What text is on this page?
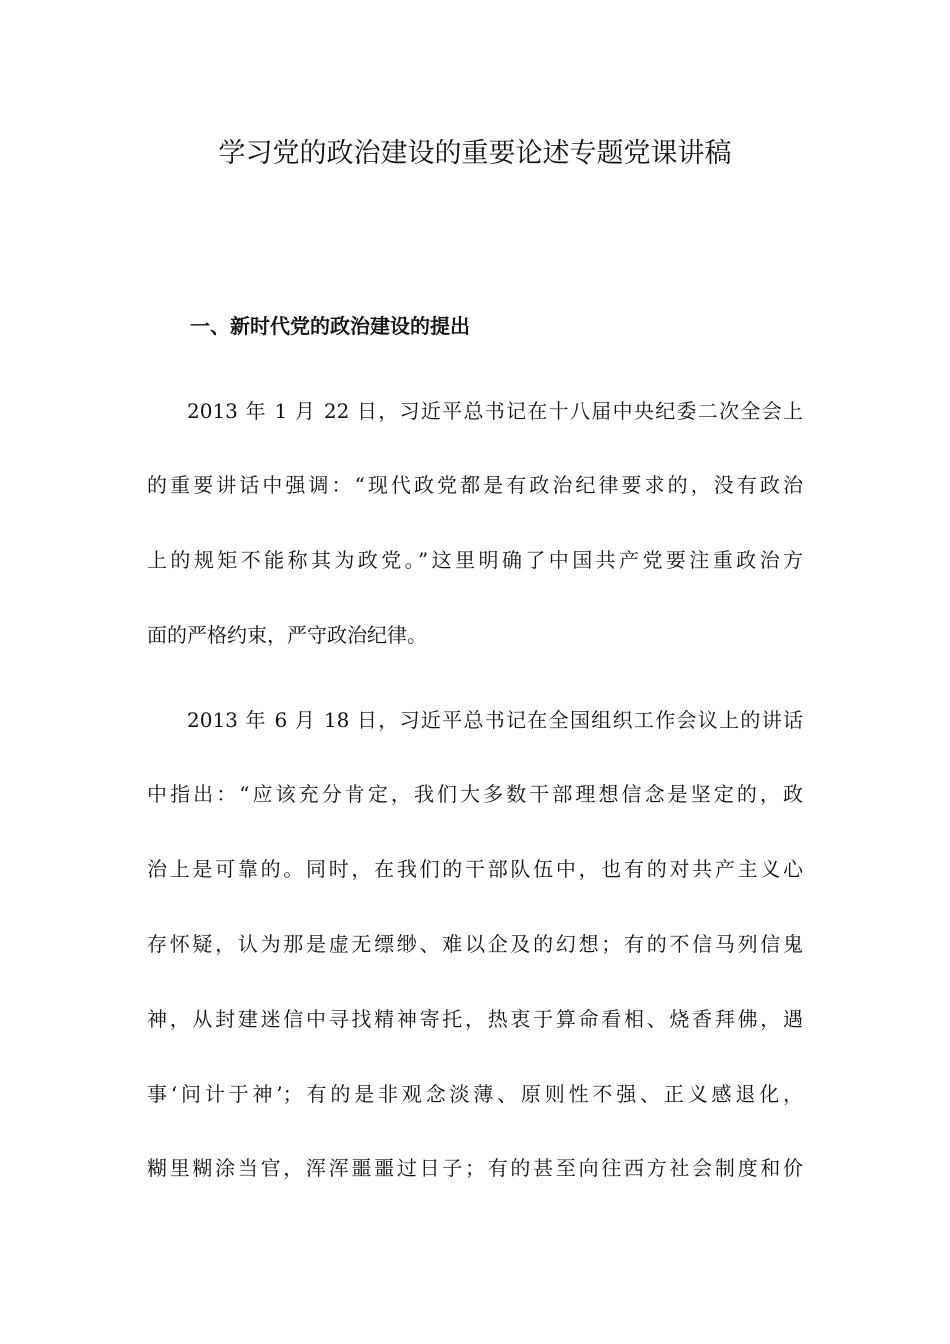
学习党的政治建设的重要论述专题党课讲稿
一、新时代党的政治建设的提出

2013 年 1 月 22 日，习近平总书记在十八届中央纪委二次全会上

的重要讲话中强调：“现代政党都是有政治纪律要求的，没有政治

上的规矩不能称其为政党。”这里明确了中国共产党要注重政治方

面的严格约束，严守政治纪律。

2013 年 6 月 18 日，习近平总书记在全国组织工作会议上的讲话

中指出：“应该充分肯定，我们大多数干部理想信念是坚定的，政

治上是可靠的。同时，在我们的干部队伍中，也有的对共产主义心

存怀疑，认为那是虚无缥缈、难以企及的幻想；有的不信马列信鬼

神，从封建迷信中寻找精神寄托，热衷于算命看相、烧香拜佛，遇

事‘问计于神’；有的是非观念淡薄、原则性不强、正义感退化，

糊里糊涂当官，浑浑噩噩过日子；有的甚至向往西方社会制度和价
